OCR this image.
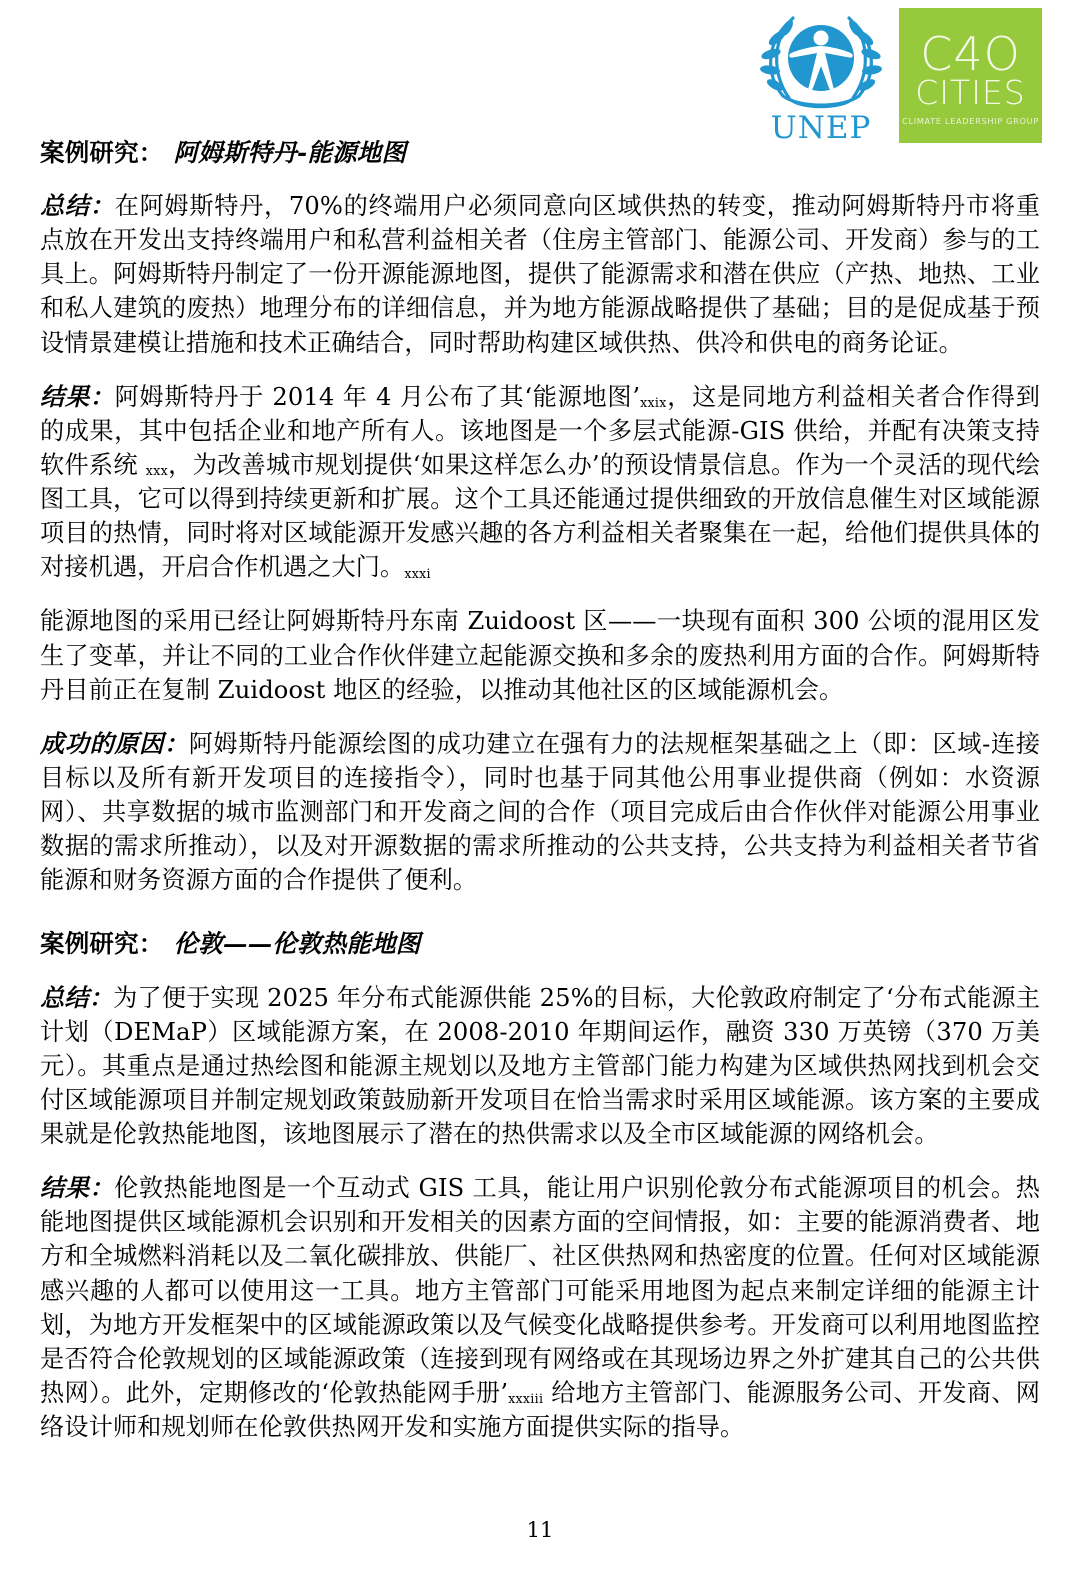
UNEP
C4O
CITIES
CLIMATE LEADERSHIP GROUP
案例研究： 阿姆斯特丹-能源地图

总结：在阿姆斯特丹，70%的终端用户必须同意向区域供热的转变，推动阿姆斯特丹市将重点放在开发出支持终端用户和私营利益相关者（住房主管部门、能源公司、开发商）参与的工具上。阿姆斯特丹制定了一份开源能源地图，提供了能源需求和潜在供应（产热、地热、工业和私人建筑的废热）地理分布的详细信息，并为地方能源战略提供了基础；目的是促成基于预设情景建模让措施和技术正确结合，同时帮助构建区域供热、供冷和供电的商务论证。

结果：阿姆斯特丹于 2014 年 4 月公布了其‘能源地图’$^{xxix}$，这是同地方利益相关者合作得到的成果，其中包括企业和地产所有人。该地图是一个多层式能源-GIS 供给，并配有决策支持软件系统 $^{xxx}$，为改善城市规划提供‘如果这样怎么办’的预设情景信息。作为一个灵活的现代绘图工具，它可以得到持续更新和扩展。这个工具还能通过提供细致的开放信息催生对区域能源项目的热情，同时将对区域能源开发感兴趣的各方利益相关者聚集在一起，给他们提供具体的对接机遇，开启合作机遇之大门。$^{xxxi}$

能源地图的采用已经让阿姆斯特丹东南 Zuidoost 区——一块现有面积 300 公顷的混用区发生了变革，并让不同的工业合作伙伴建立起能源交换和多余的废热利用方面的合作。阿姆斯特丹目前正在复制 Zuidoost 地区的经验，以推动其他社区的区域能源机会。

成功的原因：阿姆斯特丹能源绘图的成功建立在强有力的法规框架基础之上（即：区域-连接目标以及所有新开发项目的连接指令），同时也基于同其他公用事业提供商（例如：水资源网）、共享数据的城市监测部门和开发商之间的合作（项目完成后由合作伙伴对能源公用事业数据的需求所推动），以及对开源数据的需求所推动的公共支持，公共支持为利益相关者节省能源和财务资源方面的合作提供了便利。

案例研究： 伦敦——伦敦热能地图

总结：为了便于实现 2025 年分布式能源供能 25%的目标，大伦敦政府制定了‘分布式能源主计划（DEMaP）区域能源方案，在 2008-2010 年期间运作，融资 330 万英镑（370 万美元）。其重点是通过热绘图和能源主规划以及地方主管部门能力构建为区域供热网找到机会交付区域能源项目并制定规划政策鼓励新开发项目在恰当需求时采用区域能源。该方案的主要成果就是伦敦热能地图，该地图展示了潜在的热供需求以及全市区域能源的网络机会。

结果：伦敦热能地图是一个互动式 GIS 工具，能让用户识别伦敦分布式能源项目的机会。热能地图提供区域能源机会识别和开发相关的因素方面的空间情报，如：主要的能源消费者、地方和全城燃料消耗以及二氧化碳排放、供能厂、社区供热网和热密度的位置。任何对区域能源感兴趣的人都可以使用这一工具。地方主管部门可能采用地图为起点来制定详细的能源主计划，为地方开发框架中的区域能源政策以及气候变化战略提供参考。开发商可以利用地图监控是否符合伦敦规划的区域能源政策（连接到现有网络或在其现场边界之外扩建其自己的公共供热网）。此外，定期修改的‘伦敦热能网手册’$^{xxxiii}$ 给地方主管部门、能源服务公司、开发商、网络设计师和规划师在伦敦供热网开发和实施方面提供实际的指导。

11
